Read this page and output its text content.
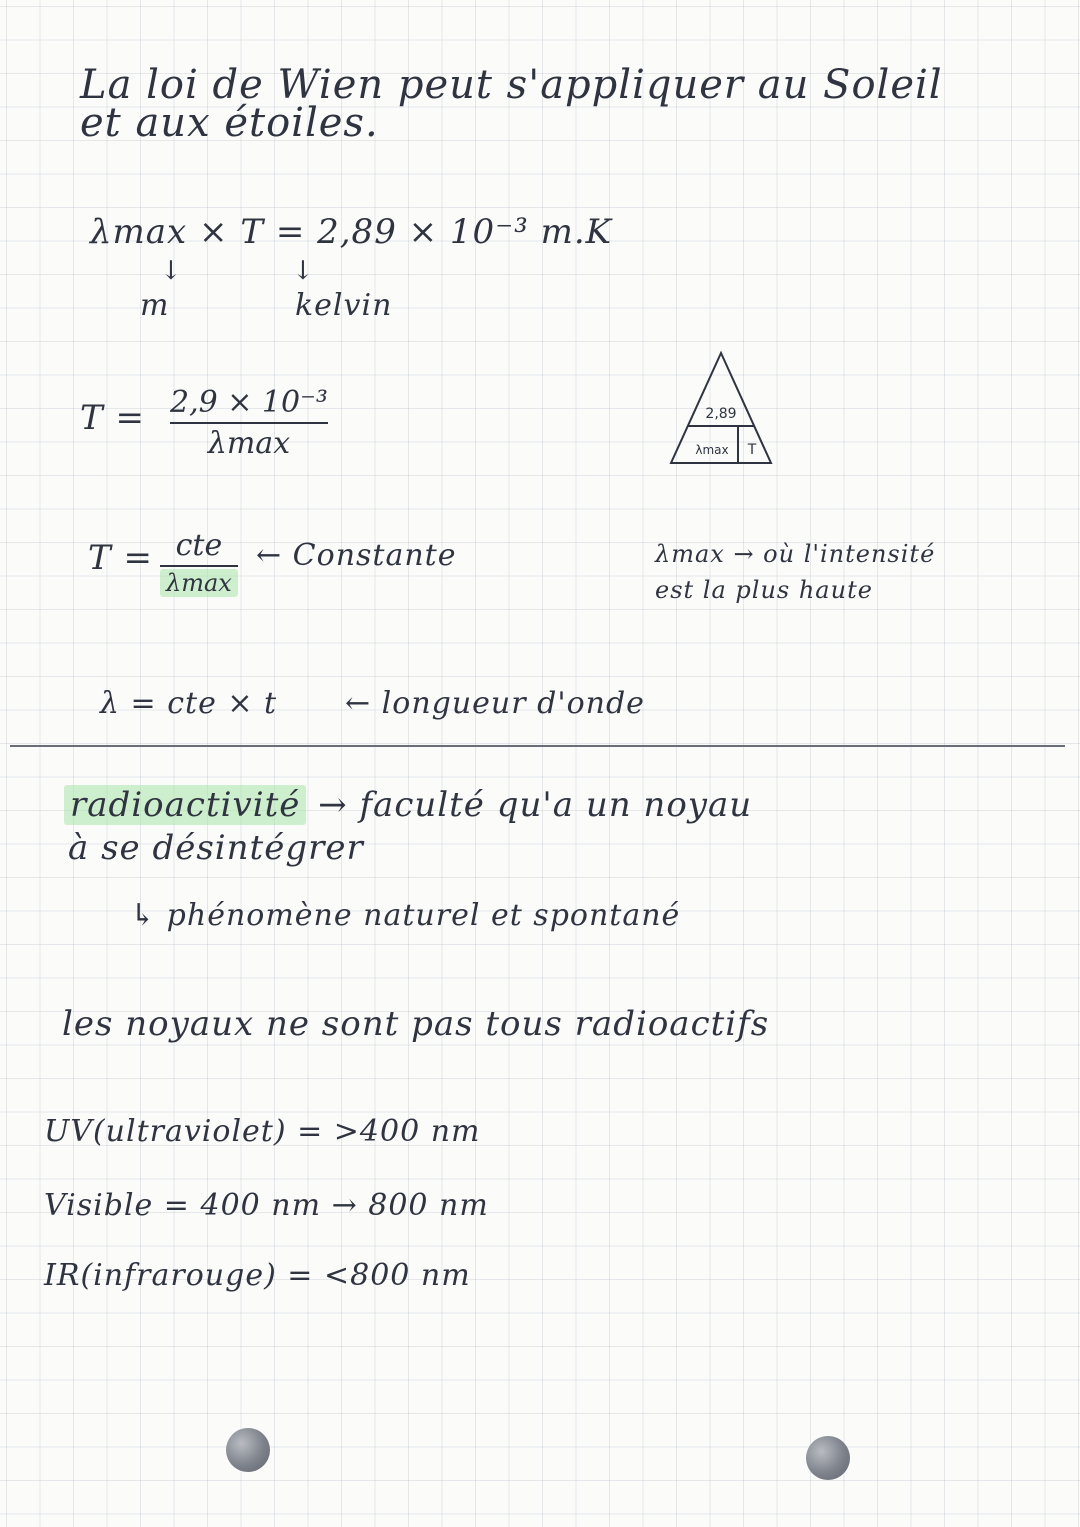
La loi de Wien peut s'appliquer au Soleil
et aux étoiles.
λmax × T = 2,89 × 10⁻³ m.K
↓	↓
m	kelvin
T = 2,9 × 10⁻³
λmax
2,89
λmax T
T = cte
λmax
← Constante	λmax → où l'intensité
est la plus haute
λ = cte × t ← longueur d'onde
radioactivité → faculté qu'a un noyau
à se désintégrer
↳ phénomène naturel et spontané
les noyaux ne sont pas tous radioactifs
UV(ultraviolet) = >400 nm
Visible = 400 nm → 800 nm
IR(infrarouge) = <800 nm
